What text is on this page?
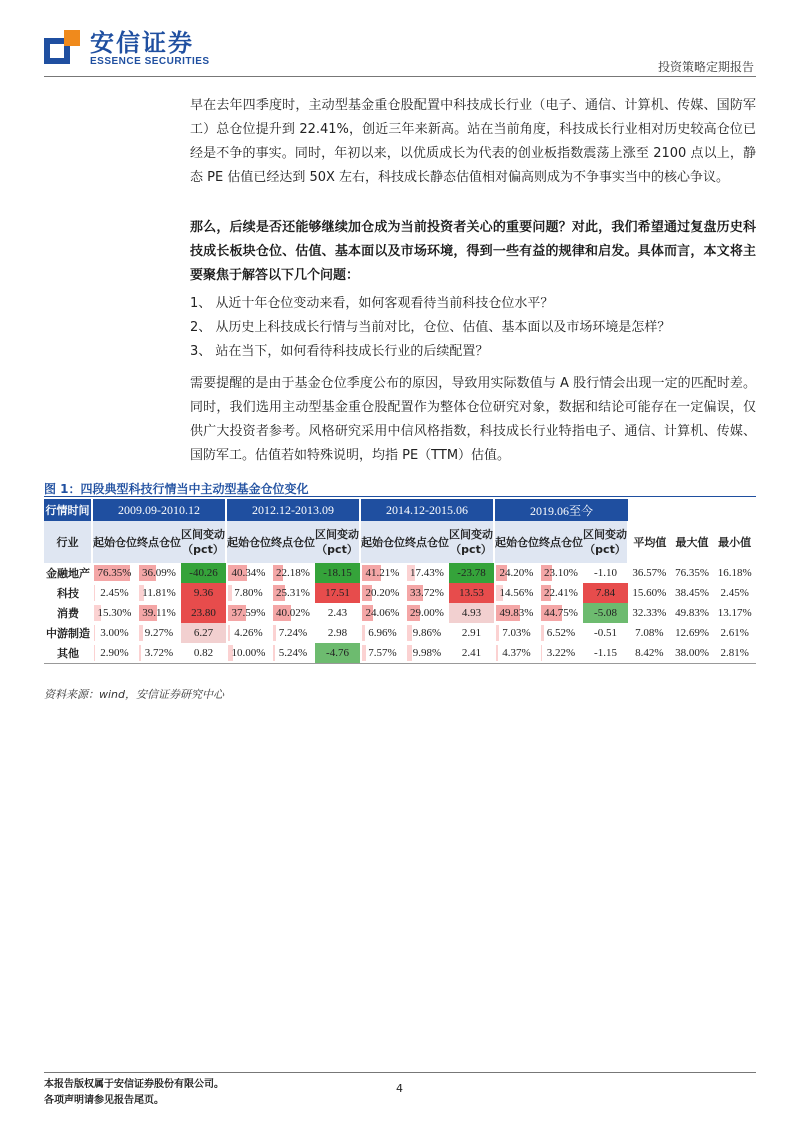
安信证券
ESSENCE SECURITIES	投资策略定期报告

早在去年四季度时，主动型基金重仓股配置中科技成长行业（电子、通信、计算机、传媒、国防军工）总仓位提升到 22.41%，创近三年来新高。站在当前角度，科技成长行业相对历史较高仓位已经是不争的事实。同时，年初以来，以优质成长为代表的创业板指数震荡上涨至 2100 点以上，静态 PE 估值已经达到 50X 左右，科技成长静态估值相对偏高则成为不争事实当中的核心争议。

那么，后续是否还能够继续加仓成为当前投资者关心的重要问题？对此，我们希望通过复盘历史科技成长板块仓位、估值、基本面以及市场环境，得到一些有益的规律和启发。具体而言，本文将主要聚焦于解答以下几个问题：

1、 从近十年仓位变动来看，如何客观看待当前科技仓位水平？
2、 从历史上科技成长行情与当前对比，仓位、估值、基本面以及市场环境是怎样？
3、 站在当下，如何看待科技成长行业的后续配置？

需要提醒的是由于基金仓位季度公布的原因，导致用实际数值与 A 股行情会出现一定的匹配时差。同时，我们选用主动型基金重仓股配置作为整体仓位研究对象，数据和结论可能存在一定偏误，仅供广大投资者参考。风格研究采用中信风格指数，科技成长行业特指电子、通信、计算机、传媒、国防军工。估值若如特殊说明，均指 PE（TTM）估值。

图 1：四段典型科技行情当中主动型基金仓位变化
行情时间	2009.09-2010.12			2012.12-2013.09			2014.12-2015.06			2019.06至今					
行业	起始仓位	终点仓位	区间变动
（pct）	起始仓位	终点仓位	区间变动
（pct）	起始仓位	终点仓位	区间变动
（pct）	起始仓位	终点仓位	区间变动
（pct）	平均值	最大值	最小值
金融地产	76.35%	36.09%	-40.26	40.34%	22.18%	-18.15	41.21%	17.43%	-23.78	24.20%	23.10%	-1.10	36.57%	76.35%	16.18%
科技	2.45%	11.81%	9.36	7.80%	25.31%	17.51	20.20%	33.72%	13.53	14.56%	22.41%	7.84	15.60%	38.45%	2.45%
消费	15.30%	39.11%	23.80	37.59%	40.02%	2.43	24.06%	29.00%	4.93	49.83%	44.75%	-5.08	32.33%	49.83%	13.17%
中游制造	3.00%	9.27%	6.27	4.26%	7.24%	2.98	6.96%	9.86%	2.91	7.03%	6.52%	-0.51	7.08%	12.69%	2.61%
其他	2.90%	3.72%	0.82	10.00%	5.24%	-4.76	7.57%	9.98%	2.41	4.37%	3.22%	-1.15	8.42%	38.00%	2.81%
资料来源：wind，安信证券研究中心
本报告版权属于安信证券股份有限公司。
各项声明请参见报告尾页。
4
